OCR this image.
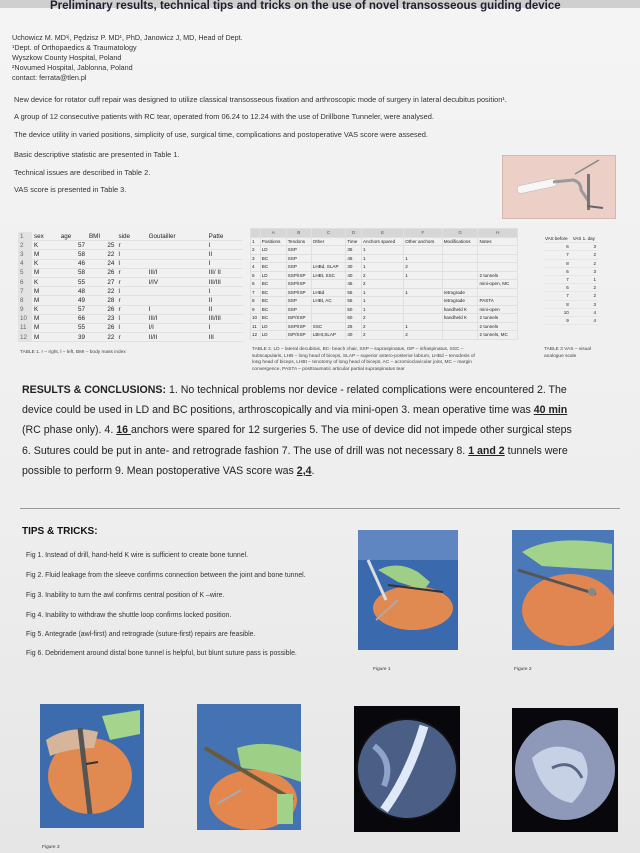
Preliminary results, technical tips and tricks on the use of novel transosseous guiding device
Uchowicz M. MD¹ʲ, Pędzisz P. MD¹, PhD, Janowicz J, MD, Head of Dept.
¹Dept. of Orthopaedics & Traumatology
Wyszkow County Hospital, Poland
²Novumed Hospital, Jablonna, Poland
contact: ferrata@tlen.pl
New device for rotator cuff repair was designed to utilize classical transosseous fixation and arthroscopic mode of surgery in lateral decubitus position¹.
A group of 12 consecutive patients with RC tear, operated from 06.24 to 12.24 with the use of Drillbone Tunneler, were analysed.
The device utility in varied positions, simplicity of use, surgical time, complications and postoperative VAS score were assesed.
Basic descriptive statistic are presented in Table 1.
Technical issues are described in Table 2.
VAS score is presented in Table 3.
1	sex	age	BMI	side	Goutailler	Patte
2	K	57	25	r		I
3	M	58	22	l		II
4	K	46	24	l		I
5	M	58	26	r	III/I	III/ II
6	K	55	27	r	I/IV	III/III
7	M	48	22	l		I
8	M	49	28	r		II
9	K	57	26	r	I	II
10	M	66	23	l	III/I	III/III
11	M	55	26	l	I/I	I
12	M	39	22	r	II/II	III
TABLE 1. r – right, l – left, BMI – body mass index
	A	B	C	D	E	F	G	H
1	Positions	Tendons	Other	Time	Anchors spared	Other anchors	Modifications	Notes
2	LD	SSP		35	1			
3	BC	SSP		45	1	1		
4	BC	SSP	LHBd, SLAP	30	1	2		
5	LD	SSP/ISP	LHBt, SSC	40	2	1		2 tunnels
6	BC	SSP/ISP		45	2			mini-open, MC
7	BC	SSP/ISP	LHBd	55	1	1	retrograde	
8	BC	SSP	LHBt, AC	55	1		retrograde	PASTA
9	BC	SSP		50	1		handheld K	mini-open
10	BC	ISP/SSP		60	2		handheld K	2 tunnels
11	LD	SSP/ISP	SSC	25	2	1		2 tunnels
12	LD	ISP/SSP	LBHt,SLAP	40	2	2		2 tunnels, MC
TABLE 2. LD – lateral decubitus, BC- beach chair, SSP – supraspinatus, ISP – infraspinatus, SSC –
subscapularis, LHB – long head of biceps, SLAP – superior antero-posterior labrum, LHBd – tenodesis of
long head of biceps, LHBt – tenotomy of long head of biceps, AC – acromioclavicular joint, MC – margin
convergence, PASTA – posttraumatic articular partial supraspinatus tear
VAS before	VAS 1. day
6	3
7	2
8	2
6	3
7	1
6	2
7	2
8	3
10	4
9	4
TABLE 3 VAS – visual
analogue scale
RESULTS & CONCLUSIONS: 1. No technical problems nor device - related complications were encountered 2. The
device could be used in LD and BC positions, arthroscopically and via mini-open 3. mean operative time was 40 min
(RC phase only). 4. 16 anchors were spared for 12 surgeries 5. The use of device did not impede other surgical steps
6. Sutures could be put in ante- and retrograde fashion 7. The use of drill was not necessary 8. 1 and 2 tunnels were
possible to perform 9. Mean postoperative VAS score was 2,4.
TIPS & TRICKS:
Fig 1. Instead of drill, hand-held K wire is sufficient to create bone tunnel.
Fig 2. Fluid leakage from the sleeve confirms connection between the joint and bone tunnel.
Fig 3. Inability to turn the awl confirms central position of K –wire.
Fig 4. Inability to withdraw the shuttle loop confirms locked position.
Fig 5. Antegrade (awl-first) and retrograde (suture-first) repairs are feasible.
Fig 6. Debridement around distal bone tunnel is helpful, but blunt suture pass is possible.
Figure 1	Figure 2
Figure 3
